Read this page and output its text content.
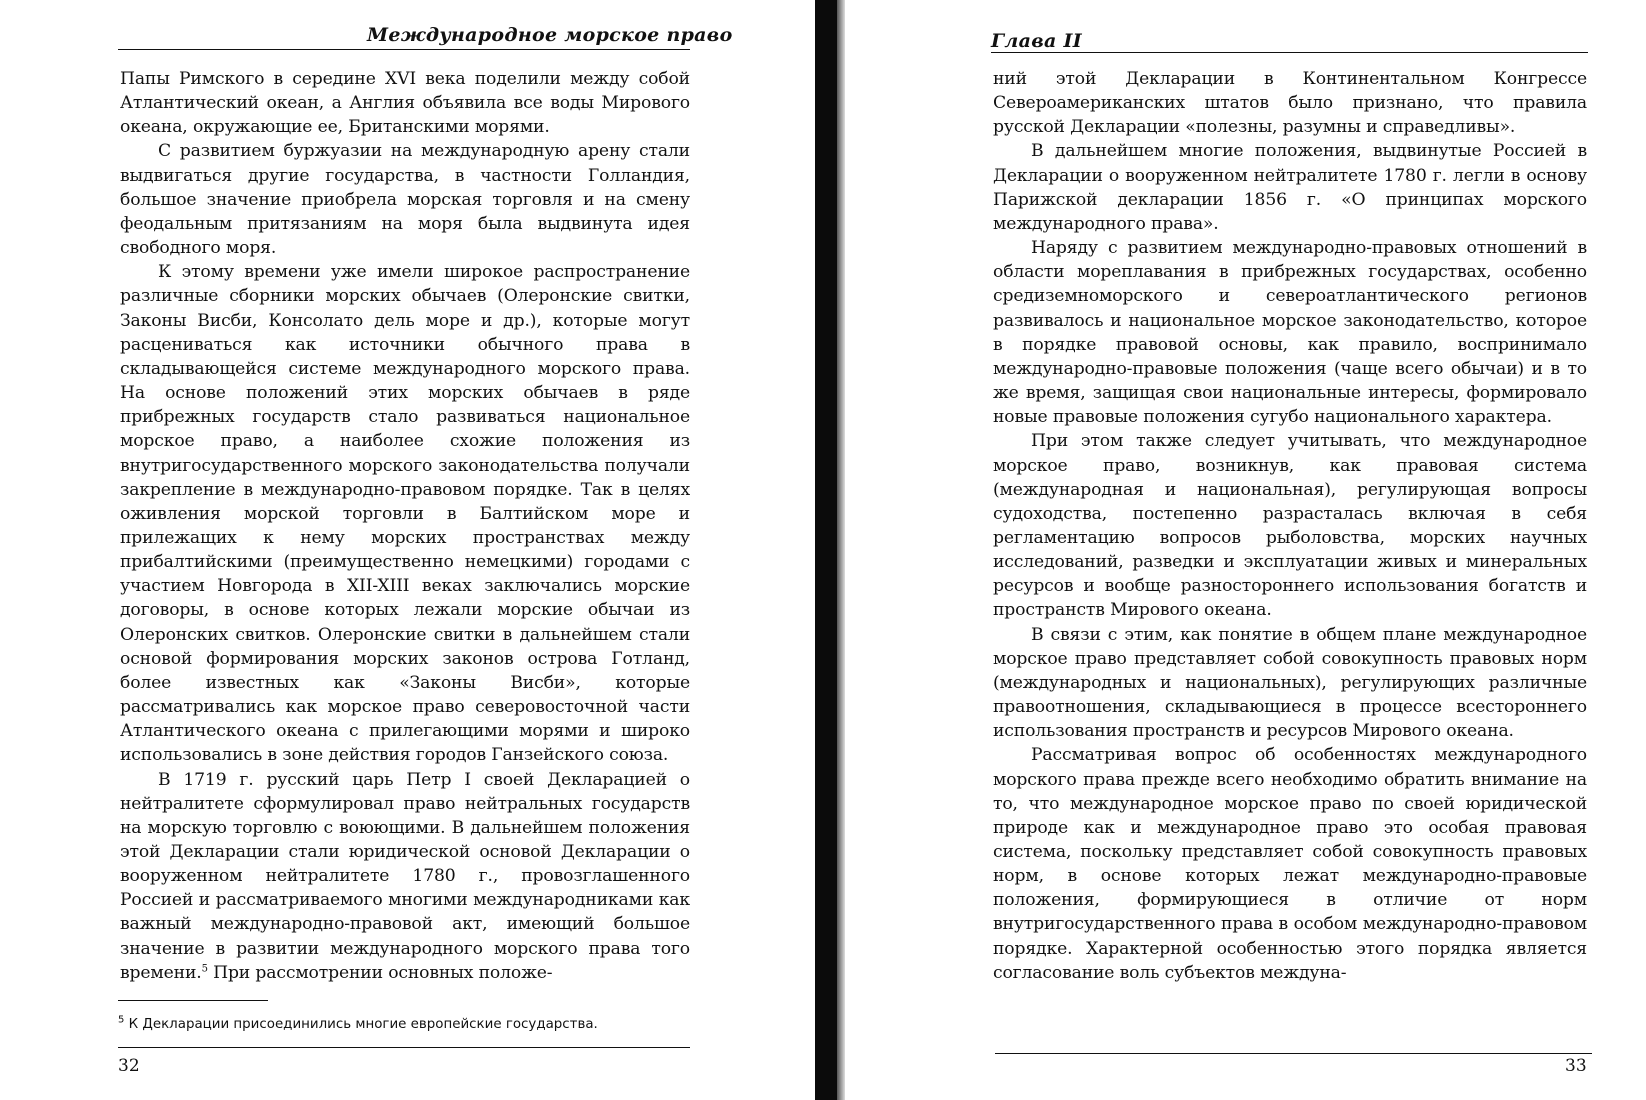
Международное морское право

Папы Римского в середине XVI века поделили между собой Атлантический океан, а Англия объявила все воды Мирового океана, окружающие ее, Британскими морями.

С развитием буржуазии на международную арену стали выдвигаться другие государства, в частности Голландия, большое значение приобрела морская торговля и на смену феодальным притязаниям на моря была выдвинута идея свободного моря.

К этому времени уже имели широкое распространение различные сборники морских обычаев (Олеронские свитки, Законы Висби, Консолато дель море и др.), которые могут расцениваться как источники обычного права в складывающейся системе международного морского права. На основе положений этих морских обычаев в ряде прибрежных государств стало развиваться национальное морское право, а наиболее схожие положения из внутригосударственного морского законодательства получали закрепление в международно-правовом порядке. Так в целях оживления морской торговли в Балтийском море и прилежащих к нему морских пространствах между прибалтийскими (преимущественно немецкими) городами с участием Новгорода в XII-XIII веках заключались морские договоры, в основе которых лежали морские обычаи из Олеронских свитков. Олеронские свитки в дальнейшем стали основой формирования морских законов острова Готланд, более известных как «Законы Висби», которые рассматривались как морское право северовосточной части Атлантического океана с прилегающими морями и широко использовались в зоне действия городов Ганзейского союза.

В 1719 г. русский царь Петр I своей Декларацией о нейтралитете сформулировал право нейтральных государств на морскую торговлю с воюющими. В дальнейшем положения этой Декларации стали юридической основой Декларации о вооруженном нейтралитете 1780 г., провозглашенного Россией и рассматриваемого многими международниками как важный международно-правовой акт, имеющий большое значение в развитии международного морского права того времени.$^5$ При рассмотрении основных положе-

$^5$ К Декларации присоединились многие европейские государства.
32
Глава II

ний этой Декларации в Континентальном Конгрессе Североамериканских штатов было признано, что правила русской Декларации «полезны, разумны и справедливы».

В дальнейшем многие положения, выдвинутые Россией в Декларации о вооруженном нейтралитете 1780 г. легли в основу Парижской декларации 1856 г. «О принципах морского международного права».

Наряду с развитием международно-правовых отношений в области мореплавания в прибрежных государствах, особенно средиземноморского и североатлантического регионов развивалось и национальное морское законодательство, которое в порядке правовой основы, как правило, воспринимало международно-правовые положения (чаще всего обычаи) и в то же время, защищая свои национальные интересы, формировало новые правовые положения сугубо национального характера.

При этом также следует учитывать, что международное морское право, возникнув, как правовая система (международная и национальная), регулирующая вопросы судоходства, постепенно разрасталась включая в себя регламентацию вопросов рыболовства, морских научных исследований, разведки и эксплуатации живых и минеральных ресурсов и вообще разностороннего использования богатств и пространств Мирового океана.

В связи с этим, как понятие в общем плане международное морское право представляет собой совокупность правовых норм (международных и национальных), регулирующих различные правоотношения, складывающиеся в процессе всестороннего использования пространств и ресурсов Мирового океана.

Рассматривая вопрос об особенностях международного морского права прежде всего необходимо обратить внимание на то, что международное морское право по своей юридической природе как и международное право это особая правовая система, поскольку представляет собой совокупность правовых норм, в основе которых лежат международно-правовые положения, формирующиеся в отличие от норм внутригосударственного права в особом международно-правовом порядке. Характерной особенностью этого порядка является согласование воль субъектов междуна-

33
